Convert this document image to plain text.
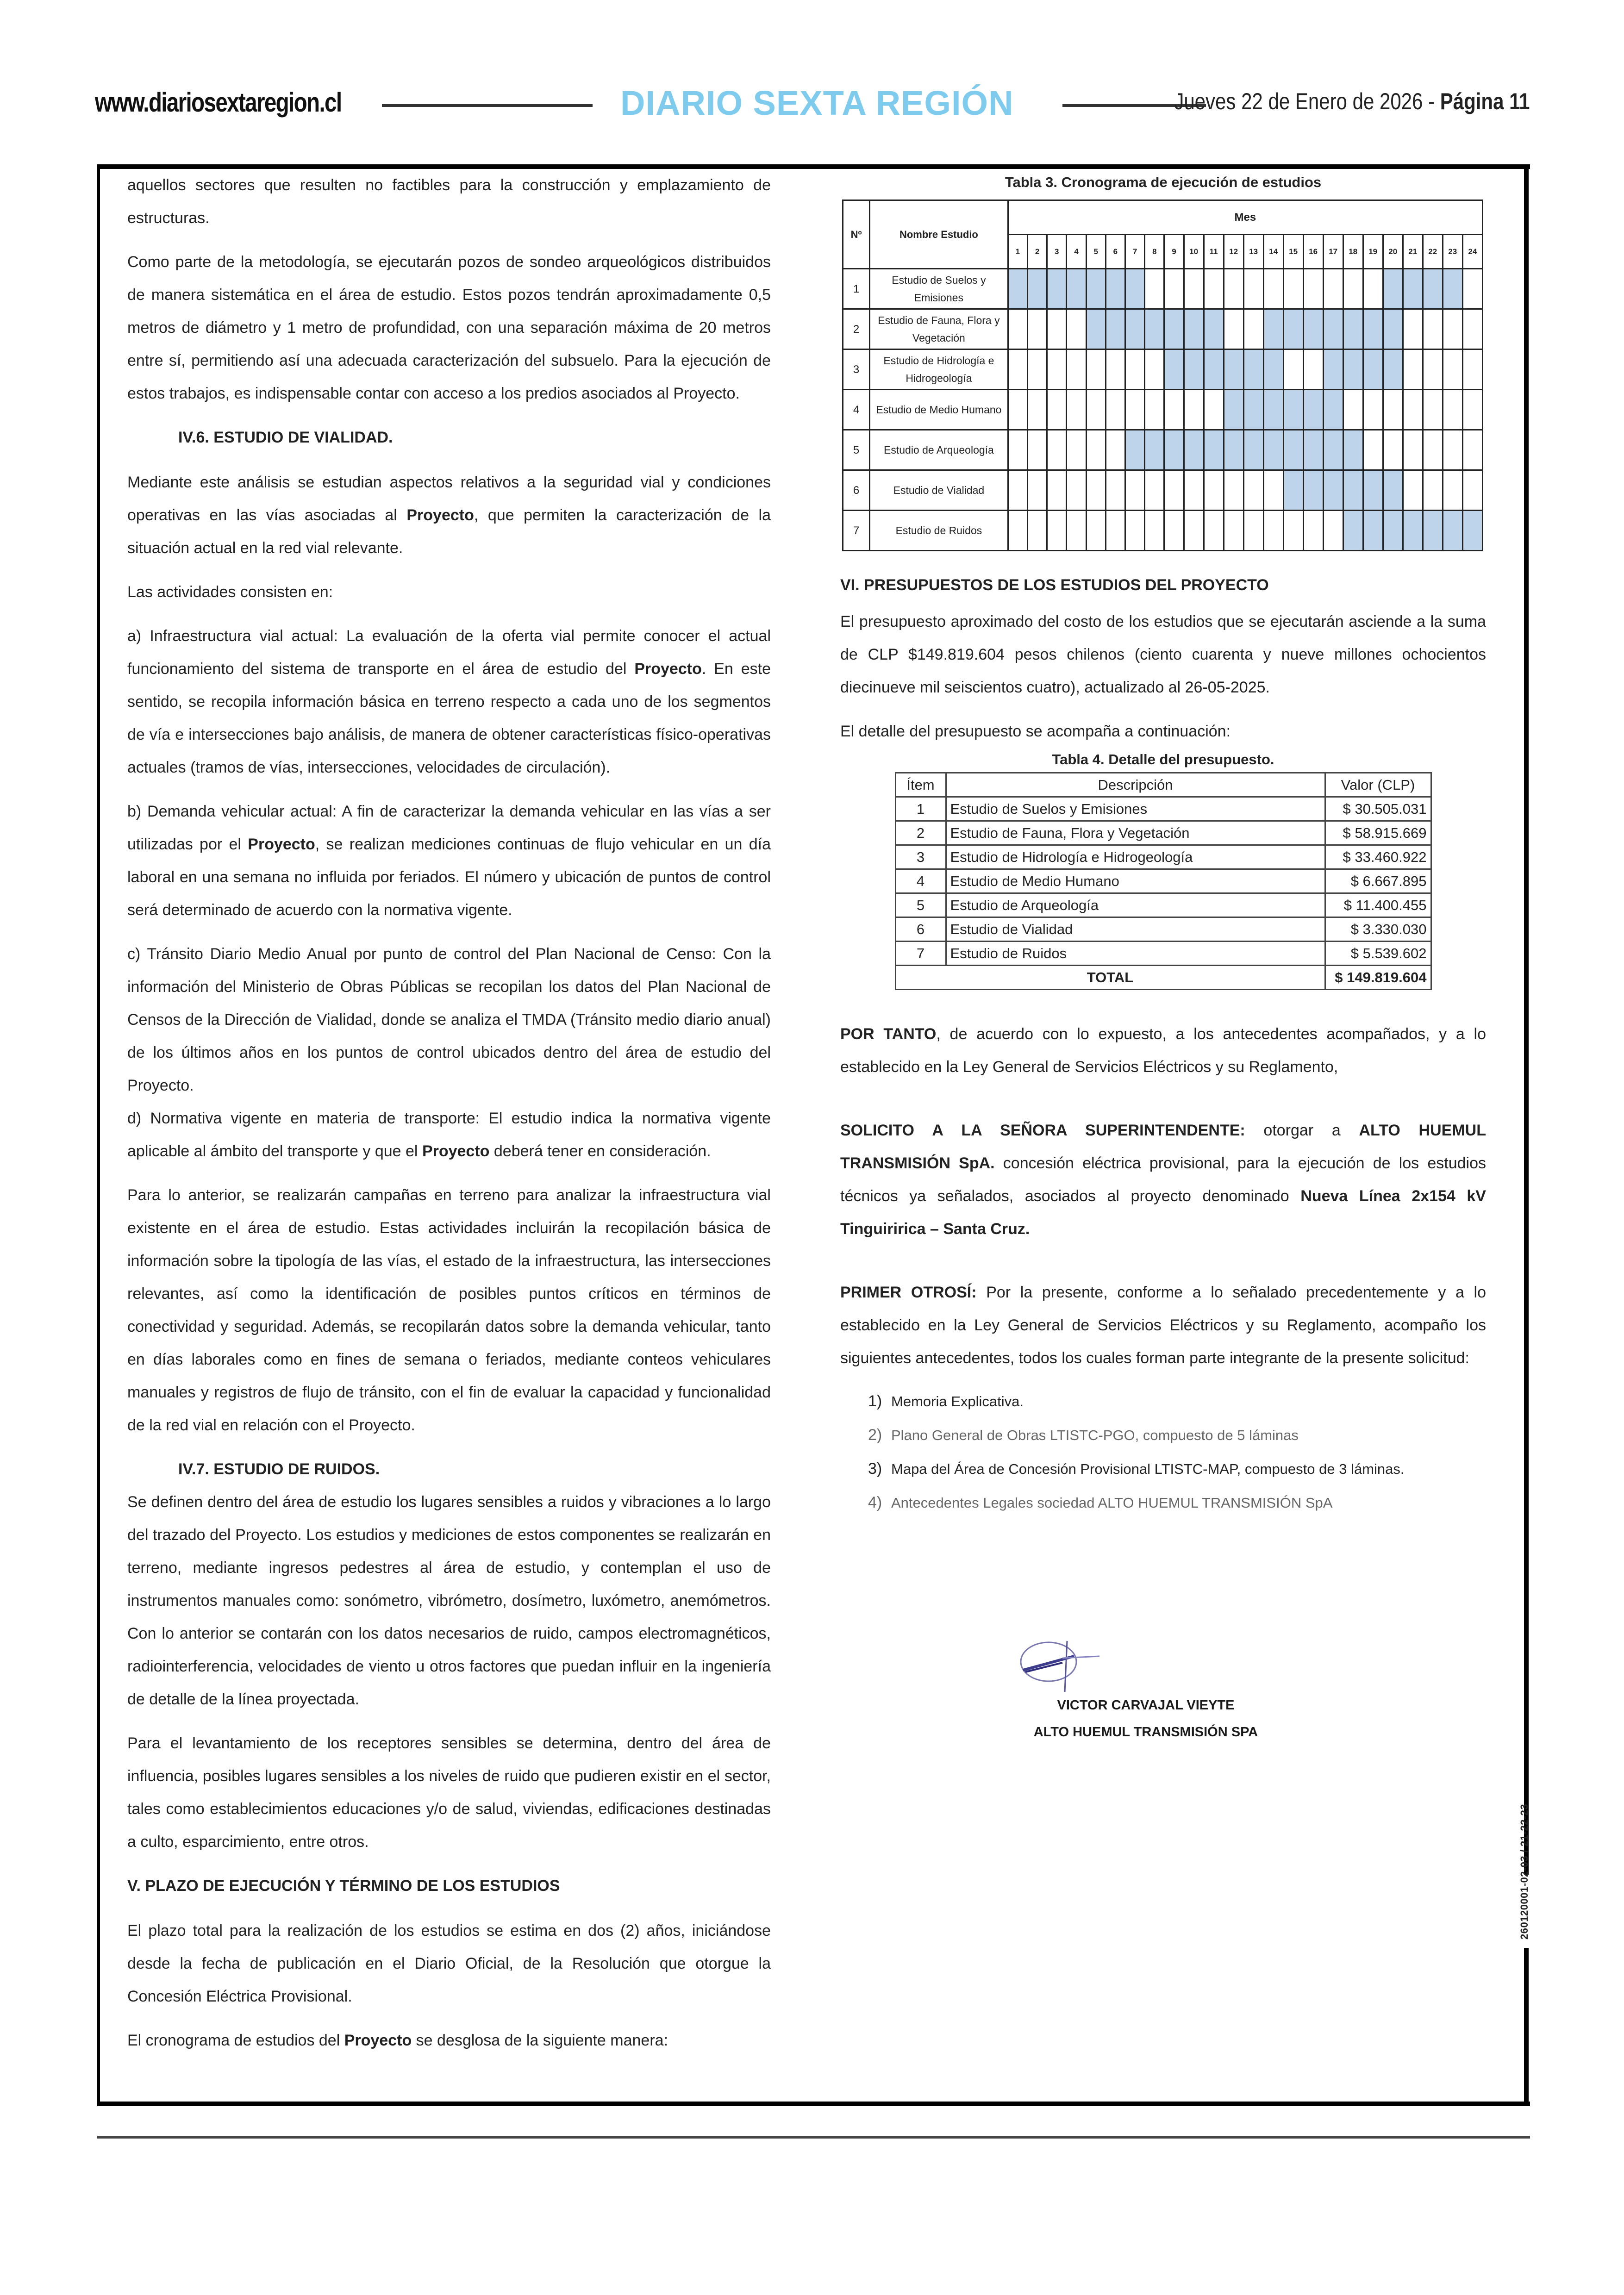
www.diariosextaregion.cl	DIARIO SEXTA REGIÓN	Jueves 22 de Enero de 2026 - Página 11
260120001-02-03 / 21-22-23

aquellos sectores que resulten no factibles para la construcción y emplazamiento de estructuras.

Como parte de la metodología, se ejecutarán pozos de sondeo arqueológicos distribuidos de manera sistemática en el área de estudio. Estos pozos tendrán aproximadamente 0,5 metros de diámetro y 1 metro de profundidad, con una separación máxima de 20 metros entre sí, permitiendo así una adecuada caracterización del subsuelo. Para la ejecución de estos trabajos, es indispensable contar con acceso a los predios asociados al Proyecto.

IV.6. ESTUDIO DE VIALIDAD.

Mediante este análisis se estudian aspectos relativos a la seguridad vial y condiciones operativas en las vías asociadas al Proyecto, que permiten la caracterización de la situación actual en la red vial relevante.

Las actividades consisten en:

a) Infraestructura vial actual: La evaluación de la oferta vial permite conocer el actual funcionamiento del sistema de transporte en el área de estudio del Proyecto. En este sentido, se recopila información básica en terreno respecto a cada uno de los segmentos de vía e intersecciones bajo análisis, de manera de obtener características físico-operativas actuales (tramos de vías, intersecciones, velocidades de circulación).

b) Demanda vehicular actual: A fin de caracterizar la demanda vehicular en las vías a ser utilizadas por el Proyecto, se realizan mediciones continuas de flujo vehicular en un día laboral en una semana no influida por feriados. El número y ubicación de puntos de control será determinado de acuerdo con la normativa vigente.

c) Tránsito Diario Medio Anual por punto de control del Plan Nacional de Censo: Con la información del Ministerio de Obras Públicas se recopilan los datos del Plan Nacional de Censos de la Dirección de Vialidad, donde se analiza el TMDA (Tránsito medio diario anual) de los últimos años en los puntos de control ubicados dentro del área de estudio del Proyecto.

d) Normativa vigente en materia de transporte: El estudio indica la normativa vigente aplicable al ámbito del transporte y que el Proyecto deberá tener en consideración.

Para lo anterior, se realizarán campañas en terreno para analizar la infraestructura vial existente en el área de estudio. Estas actividades incluirán la recopilación básica de información sobre la tipología de las vías, el estado de la infraestructura, las intersecciones relevantes, así como la identificación de posibles puntos críticos en términos de conectividad y seguridad. Además, se recopilarán datos sobre la demanda vehicular, tanto en días laborales como en fines de semana o feriados, mediante conteos vehiculares manuales y registros de flujo de tránsito, con el fin de evaluar la capacidad y funcionalidad de la red vial en relación con el Proyecto.

IV.7. ESTUDIO DE RUIDOS.

Se definen dentro del área de estudio los lugares sensibles a ruidos y vibraciones a lo largo del trazado del Proyecto. Los estudios y mediciones de estos componentes se realizarán en terreno, mediante ingresos pedestres al área de estudio, y contemplan el uso de instrumentos manuales como: sonómetro, vibrómetro, dosímetro, luxómetro, anemómetros. Con lo anterior se contarán con los datos necesarios de ruido, campos electromagnéticos, radiointerferencia, velocidades de viento u otros factores que puedan influir en la ingeniería de detalle de la línea proyectada.

Para el levantamiento de los receptores sensibles se determina, dentro del área de influencia, posibles lugares sensibles a los niveles de ruido que pudieren existir en el sector, tales como establecimientos educaciones y/o de salud, viviendas, edificaciones destinadas a culto, esparcimiento, entre otros.

V. PLAZO DE EJECUCIÓN Y TÉRMINO DE LOS ESTUDIOS

El plazo total para la realización de los estudios se estima en dos (2) años, iniciándose desde la fecha de publicación en el Diario Oficial, de la Resolución que otorgue la Concesión Eléctrica Provisional.

El cronograma de estudios del Proyecto se desglosa de la siguiente manera:

Tabla 3. Cronograma de ejecución de estudios
Nº	Nombre Estudio	Mes																							
		1	2	3	4	5	6	7	8	9	10	11	12	13	14	15	16	17	18	19	20	21	22	23	24
1	Estudio de Suelos y Emisiones																								
2	Estudio de Fauna, Flora y Vegetación																								
3	Estudio de Hidrología e Hidrogeología																								
4	Estudio de Medio Humano																								
5	Estudio de Arqueología																								
6	Estudio de Vialidad																								
7	Estudio de Ruidos																								
VI. PRESUPUESTOS DE LOS ESTUDIOS DEL PROYECTO

El presupuesto aproximado del costo de los estudios que se ejecutarán asciende a la suma de CLP $149.819.604 pesos chilenos (ciento cuarenta y nueve millones ochocientos diecinueve mil seiscientos cuatro), actualizado al 26-05-2025.

El detalle del presupuesto se acompaña a continuación:

Tabla 4. Detalle del presupuesto.
Ítem	Descripción	Valor (CLP)
1	Estudio de Suelos y Emisiones	$ 30.505.031
2	Estudio de Fauna, Flora y Vegetación	$ 58.915.669
3	Estudio de Hidrología e Hidrogeología	$ 33.460.922
4	Estudio de Medio Humano	$ 6.667.895
5	Estudio de Arqueología	$ 11.400.455
6	Estudio de Vialidad	$ 3.330.030
7	Estudio de Ruidos	$ 5.539.602
TOTAL		$ 149.819.604

POR TANTO, de acuerdo con lo expuesto, a los antecedentes acompañados, y a lo establecido en la Ley General de Servicios Eléctricos y su Reglamento,

SOLICITO A LA SEÑORA SUPERINTENDENTE: otorgar a ALTO HUEMUL TRANSMISIÓN SpA. concesión eléctrica provisional, para la ejecución de los estudios técnicos ya señalados, asociados al proyecto denominado Nueva Línea 2x154 kV Tinguiririca – Santa Cruz.

PRIMER OTROSÍ: Por la presente, conforme a lo señalado precedentemente y a lo establecido en la Ley General de Servicios Eléctricos y su Reglamento, acompaño los siguientes antecedentes, todos los cuales forman parte integrante de la presente solicitud:

1) Memoria Explicativa.
2) Plano General de Obras LTISTC-PGO, compuesto de 5 láminas
3) Mapa del Área de Concesión Provisional LTISTC-MAP, compuesto de 3 láminas.
4) Antecedentes Legales sociedad ALTO HUEMUL TRANSMISIÓN SpA
VICTOR CARVAJAL VIEYTE
ALTO HUEMUL TRANSMISIÓN SPA
